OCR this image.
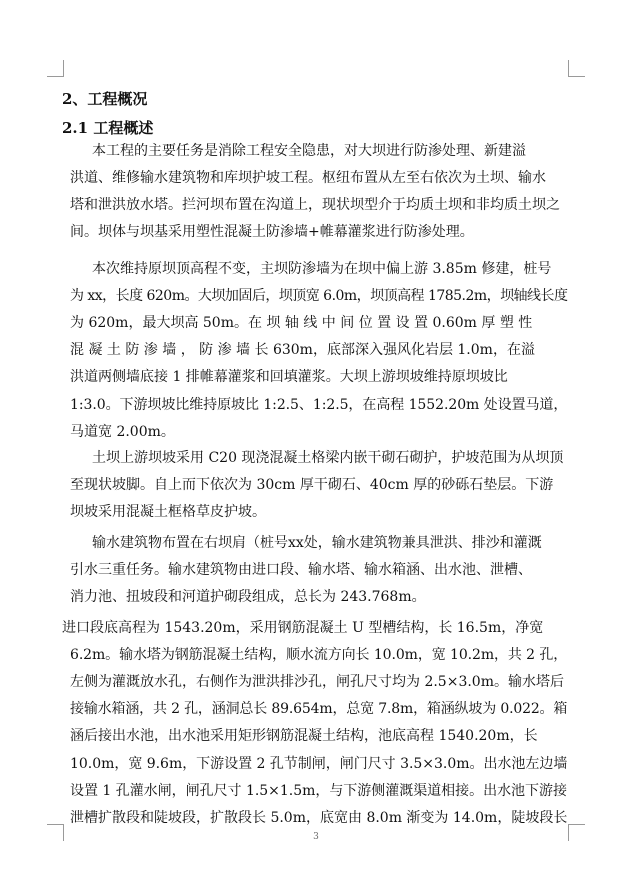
2、工程概况
2.1 工程概述
本工程的主要任务是消除工程安全隐患，对大坝进行防渗处理、新建溢
洪道、维修输水建筑物和库坝护坡工程。枢纽布置从左至右依次为土坝、输水
塔和泄洪放水塔。拦河坝布置在沟道上，现状坝型介于均质土坝和非均质土坝之
间。坝体与坝基采用塑性混凝土防渗墙+帷幕灌浆进行防渗处理。
本次维持原坝顶高程不变，主坝防渗墙为在坝中偏上游 3.85m 修建，桩号
为 xx，长度 620m。大坝加固后，坝顶宽 6.0m，坝顶高程 1785.2m，坝轴线长度
为 620m，最大坝高 50m。在 坝 轴 线 中 间 位 置 设 置 0.60m 厚 塑 性
混 凝 土 防 渗 墙 ， 防 渗 墙 长 630m，底部深入强风化岩层 1.0m，在溢
洪道两侧墙底接 1 排帷幕灌浆和回填灌浆。大坝上游坝坡维持原坝坡比
1:3.0。下游坝坡比维持原坡比 1:2.5、1:2.5，在高程 1552.20m 处设置马道，
马道宽 2.00m。
土坝上游坝坡采用 C20 现浇混凝土格梁内嵌干砌石砌护，护坡范围为从坝顶
至现状坡脚。自上而下依次为 30cm 厚干砌石、40cm 厚的砂砾石垫层。下游
坝坡采用混凝土框格草皮护坡。
输水建筑物布置在右坝肩（桩号xx处，输水建筑物兼具泄洪、排沙和灌溉
引水三重任务。输水建筑物由进口段、输水塔、输水箱涵、出水池、泄槽、
消力池、扭坡段和河道护砌段组成，总长为 243.768m。
进口段底高程为 1543.20m，采用钢筋混凝土 U 型槽结构，长 16.5m，净宽
6.2m。输水塔为钢筋混凝土结构，顺水流方向长 10.0m，宽 10.2m，共 2 孔，
左侧为灌溉放水孔，右侧作为泄洪排沙孔，闸孔尺寸均为 2.5×3.0m。输水塔后
接输水箱涵，共 2 孔，涵洞总长 89.654m，总宽 7.8m，箱涵纵坡为 0.022。箱
涵后接出水池，出水池采用矩形钢筋混凝土结构，池底高程 1540.20m，长
10.0m，宽 9.6m，下游设置 2 孔节制闸，闸门尺寸 3.5×3.0m。出水池左边墙
设置 1 孔灌水闸，闸孔尺寸 1.5×1.5m，与下游侧灌溉渠道相接。出水池下游接
泄槽扩散段和陡坡段，扩散段长 5.0m，底宽由 8.0m 渐变为 14.0m，陡坡段长
3
